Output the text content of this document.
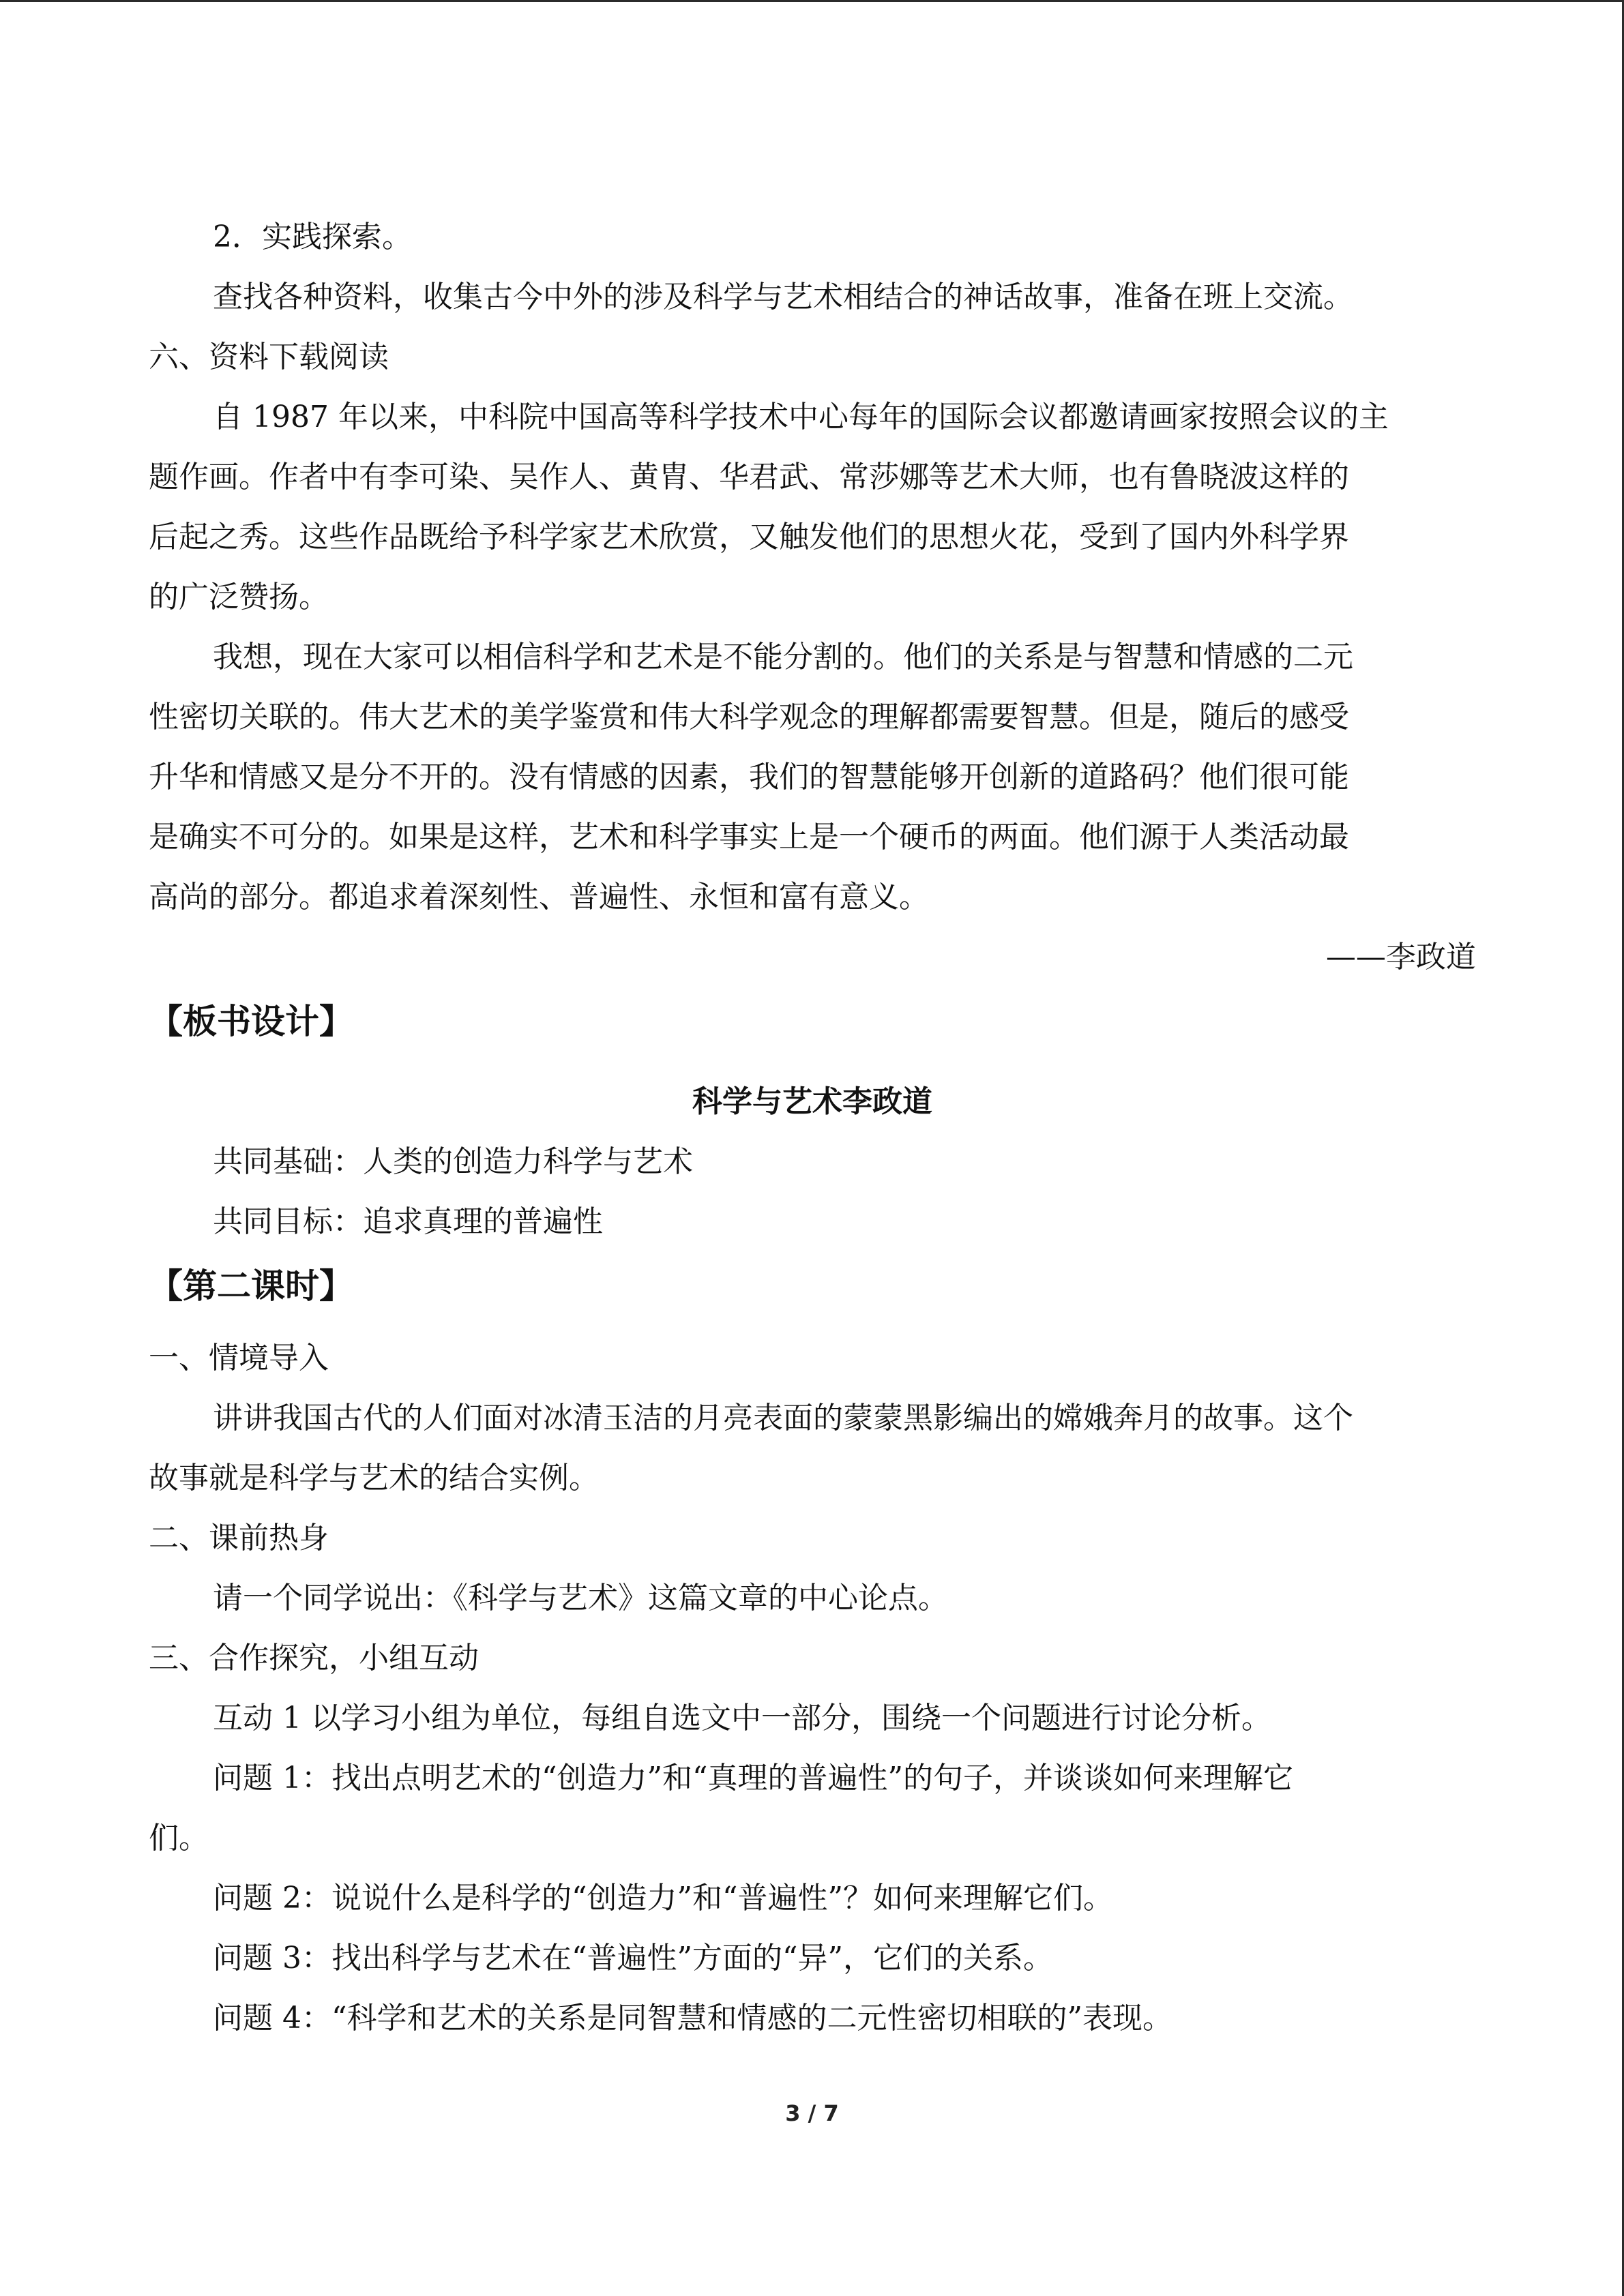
2．实践探索。

查找各种资料，收集古今中外的涉及科学与艺术相结合的神话故事，准备在班上交流。

六、资料下载阅读

自 1987 年以来，中科院中国高等科学技术中心每年的国际会议都邀请画家按照会议的主

题作画。作者中有李可染、吴作人、黄胄、华君武、常莎娜等艺术大师，也有鲁晓波这样的

后起之秀。这些作品既给予科学家艺术欣赏，又触发他们的思想火花，受到了国内外科学界

的广泛赞扬。

我想，现在大家可以相信科学和艺术是不能分割的。他们的关系是与智慧和情感的二元

性密切关联的。伟大艺术的美学鉴赏和伟大科学观念的理解都需要智慧。但是，随后的感受

升华和情感又是分不开的。没有情感的因素，我们的智慧能够开创新的道路码？他们很可能

是确实不可分的。如果是这样，艺术和科学事实上是一个硬币的两面。他们源于人类活动最

高尚的部分。都追求着深刻性、普遍性、永恒和富有意义。

——李政道

【板书设计】

科学与艺术李政道

共同基础：人类的创造力科学与艺术

共同目标：追求真理的普遍性

【第二课时】

一、情境导入

讲讲我国古代的人们面对冰清玉洁的月亮表面的蒙蒙黑影编出的嫦娥奔月的故事。这个

故事就是科学与艺术的结合实例。

二、课前热身

请一个同学说出：《科学与艺术》这篇文章的中心论点。

三、合作探究，小组互动

互动 1 以学习小组为单位，每组自选文中一部分，围绕一个问题进行讨论分析。

问题 1：找出点明艺术的“创造力”和“真理的普遍性”的句子，并谈谈如何来理解它

们。

问题 2：说说什么是科学的“创造力”和“普遍性”？如何来理解它们。

问题 3：找出科学与艺术在“普遍性”方面的“异”，它们的关系。

问题 4：“科学和艺术的关系是同智慧和情感的二元性密切相联的”表现。

3 / 7
